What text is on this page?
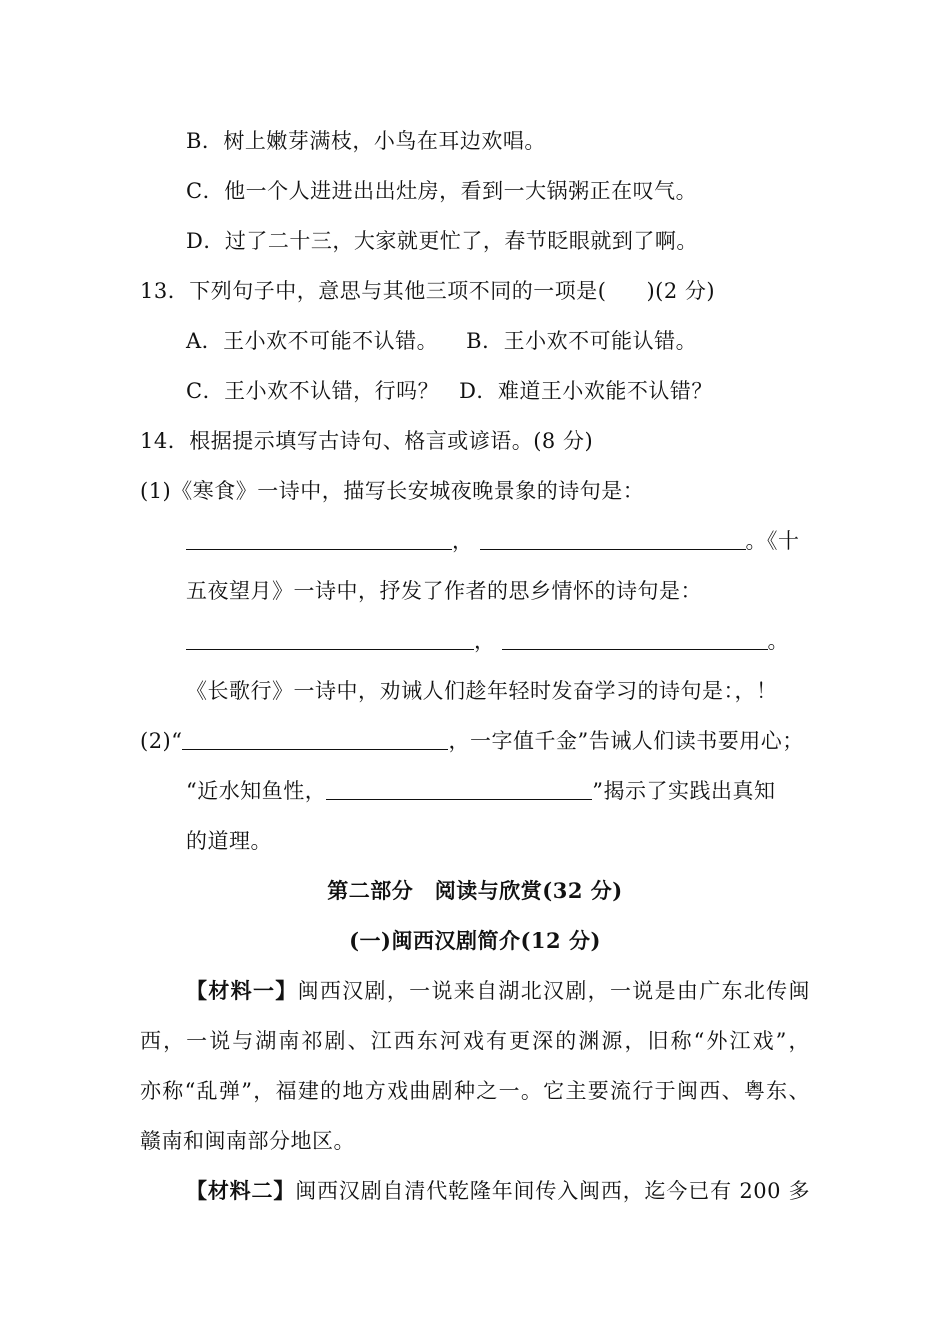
B．树上嫩芽满枝，小鸟在耳边欢唱。
C．他一个人进进出出灶房，看到一大锅粥正在叹气。
D．过了二十三，大家就更忙了，春节眨眼就到了啊。
13．下列句子中，意思与其他三项不同的一项是( )(2 分)
A．王小欢不可能不认错。 B．王小欢不可能认错。
C．王小欢不认错，行吗？ D．难道王小欢能不认错？
14．根据提示填写古诗句、格言或谚语。(8 分)
(1)《寒食》一诗中，描写长安城夜晚景象的诗句是：
，	。《十
五夜望月》一诗中，抒发了作者的思乡情怀的诗句是：
，	。
《长歌行》一诗中，劝诫人们趁年轻时发奋学习的诗句是：，！
(2)“	，一字值千金”告诫人们读书要用心；
“近水知鱼性，	”揭示了实践出真知
的道理。
第二部分　阅读与欣赏(32 分)
(一)闽西汉剧简介(12 分)
【材料一】闽西汉剧，一说来自湖北汉剧，一说是由广东北传闽
西，一说与湖南祁剧、江西东河戏有更深的渊源，旧称“外江戏”，
亦称“乱弹”，福建的地方戏曲剧种之一。它主要流行于闽西、粤东、
赣南和闽南部分地区。
【材料二】闽西汉剧自清代乾隆年间传入闽西，迄今已有 200 多
